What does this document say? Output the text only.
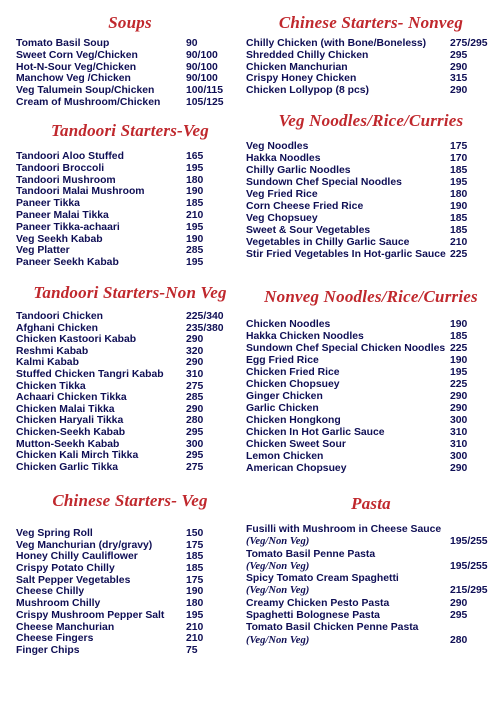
Soups
Tomato Basil Soup	90
Sweet Corn Veg/Chicken	90/100
Hot-N-Sour Veg/Chicken	90/100
Manchow Veg /Chicken	90/100
Veg Talumein Soup/Chicken	100/115
Cream of Mushroom/Chicken 105/125
Tandoori Starters-Veg
Tandoori Aloo Stuffed	165
Tandoori Broccoli	195
Tandoori Mushroom	180
Tandoori Malai Mushroom	190
Paneer Tikka	185
Paneer Malai Tikka	210
Paneer Tikka-achaari	195
Veg Seekh Kabab	190
Veg Platter	285
Paneer Seekh Kabab	195
Tandoori Starters-Non Veg
Tandoori Chicken	225/340
Afghani Chicken	235/380
Chicken Kastoori Kabab	290
Reshmi Kabab	320
Kalmi Kabab	290
Stuffed Chicken Tangri Kabab 310
Chicken Tikka	275
Achaari Chicken Tikka	285
Chicken Malai Tikka	290
Chicken Haryali Tikka	280
Chicken-Seekh Kabab	295
Mutton-Seekh Kabab	300
Chicken Kali Mirch Tikka	295
Chicken Garlic Tikka	275
Chinese Starters- Veg
Veg Spring Roll	150
Veg Manchurian (dry/gravy)	175
Honey Chilly Cauliflower	185
Crispy Potato Chilly	185
Salt Pepper Vegetables	175
Cheese Chilly	190
Mushroom Chilly	180
Crispy Mushroom Pepper Salt 195
Cheese Manchurian	210
Cheese Fingers	210
Finger Chips	75
Chinese Starters- Nonveg
Chilly Chicken (with Bone/Boneless) 275/295
Shredded Chilly Chicken	295
Chicken Manchurian	290
Crispy Honey Chicken	315
Chicken Lollypop (8 pcs)	290
Veg Noodles/Rice/Curries
Veg Noodles	175
Hakka Noodles	170
Chilly Garlic Noodles	185
Sundown Chef Special Noodles	195
Veg Fried Rice	180
Corn Cheese Fried Rice	190
Veg Chopsuey	185
Sweet & Sour Vegetables	185
Vegetables in Chilly Garlic Sauce	210
Stir Fried Vegetables In Hot-garlic Sauce 225
Nonveg Noodles/Rice/Curries
Chicken Noodles	190
Hakka Chicken Noodles	185
Sundown Chef Special Chicken Noodles 225
Egg Fried Rice	190
Chicken Fried Rice	195
Chicken Chopsuey	225
Ginger Chicken	290
Garlic Chicken	290
Chicken Hongkong	300
Chicken In Hot Garlic Sauce	310
Chicken Sweet Sour	310
Lemon Chicken	300
American Chopsuey	290
Pasta
Fusilli with Mushroom in Cheese Sauce
(Veg/Non Veg)	195/255
Tomato Basil Penne Pasta
(Veg/Non Veg)	195/255
Spicy Tomato Cream Spaghetti
(Veg/Non Veg)	215/295
Creamy Chicken Pesto Pasta	290
Spaghetti Bolognese Pasta	295
Tomato Basil Chicken Penne Pasta
(Veg/Non Veg)	280
